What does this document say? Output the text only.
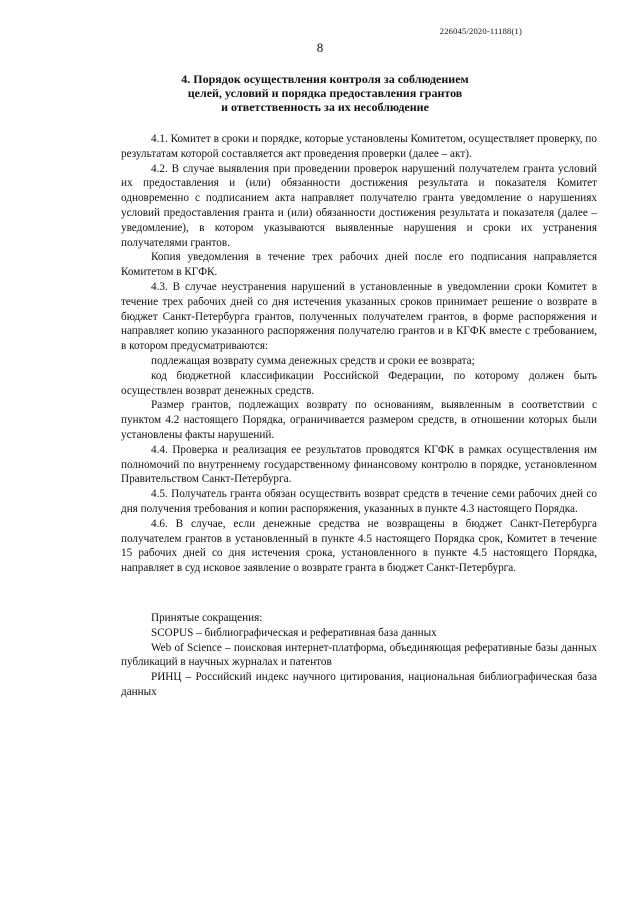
226045/2020-11188(1)
8
4. Порядок осуществления контроля за соблюдением
целей, условий и порядка предоставления грантов
и ответственность за их несоблюдение

4.1. Комитет в сроки и порядке, которые установлены Комитетом, осуществляет проверку, по результатам которой составляется акт проведения проверки (далее – акт).

4.2. В случае выявления при проведении проверок нарушений получателем гранта условий их предоставления и (или) обязанности достижения результата и показателя Комитет одновременно с подписанием акта направляет получателю гранта уведомление о нарушениях условий предоставления гранта и (или) обязанности достижения результата и показателя (далее – уведомление), в котором указываются выявленные нарушения и сроки их устранения получателями грантов.

Копия уведомления в течение трех рабочих дней после его подписания направляется Комитетом в КГФК.

4.3. В случае неустранения нарушений в установленные в уведомлении сроки Комитет в течение трех рабочих дней со дня истечения указанных сроков принимает решение о возврате в бюджет Санкт-Петербурга грантов, полученных получателем грантов, в форме распоряжения и направляет копию указанного распоряжения получателю грантов и в КГФК вместе с требованием, в котором предусматриваются:

подлежащая возврату сумма денежных средств и сроки ее возврата;

код бюджетной классификации Российской Федерации, по которому должен быть осуществлен возврат денежных средств.

Размер грантов, подлежащих возврату по основаниям, выявленным в соответствии с пунктом 4.2 настоящего Порядка, ограничивается размером средств, в отношении которых были установлены факты нарушений.

4.4. Проверка и реализация ее результатов проводятся КГФК в рамках осуществления им полномочий по внутреннему государственному финансовому контролю в порядке, установленном Правительством Санкт-Петербурга.

4.5. Получатель гранта обязан осуществить возврат средств в течение семи рабочих дней со дня получения требования и копии распоряжения, указанных в пункте 4.3 настоящего Порядка.

4.6. В случае, если денежные средства не возвращены в бюджет Санкт-Петербурга получателем грантов в установленный в пункте 4.5 настоящего Порядка срок, Комитет в течение 15 рабочих дней со дня истечения срока, установленного в пункте 4.5 настоящего Порядка, направляет в суд исковое заявление о возврате гранта в бюджет Санкт-Петербурга.

Принятые сокращения:

SCOPUS – библиографическая и реферативная база данных

Web of Science – поисковая интернет-платформа, объединяющая реферативные базы данных публикаций в научных журналах и патентов

РИНЦ – Российский индекс научного цитирования, национальная библиографическая база данных
